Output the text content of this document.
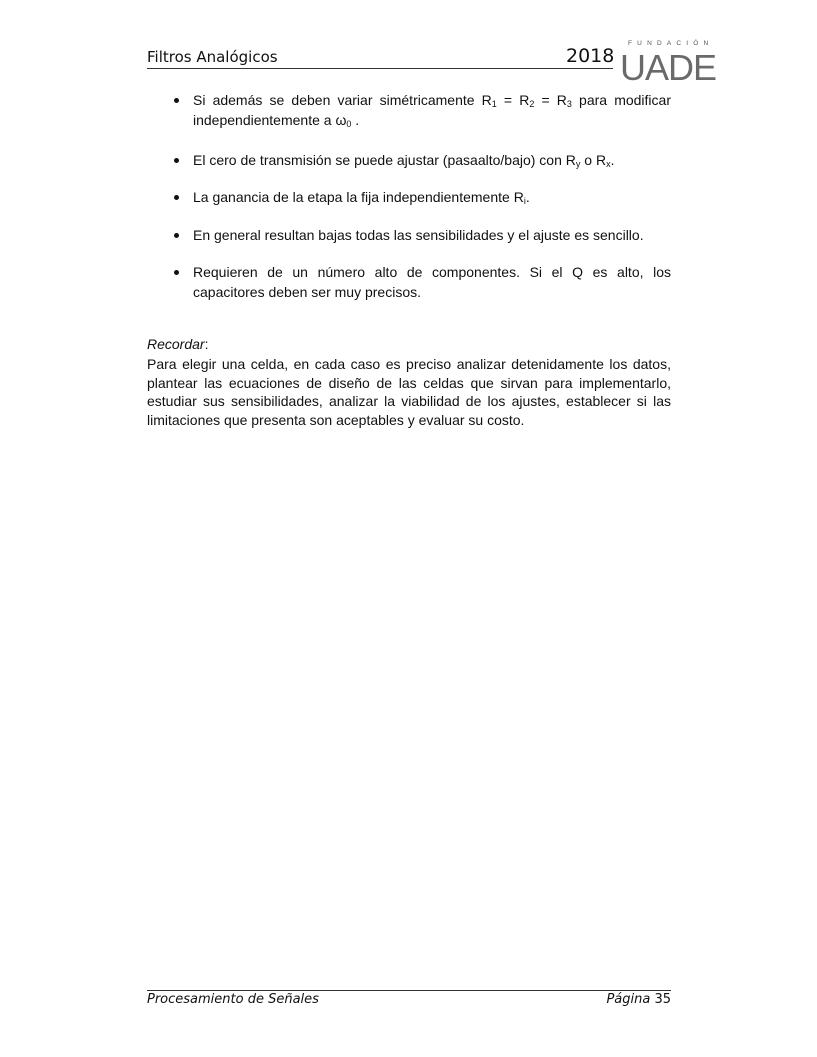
Filtros Analógicos	2018
FUNDACIÓN
UADE
Si además se deben variar simétricamente $R_1 = R_2 = R_3$ para modificar independientemente a $\omega_0$ .
El cero de transmisión se puede ajustar (pasaalto/bajo) con $R_y$ o $R_x$.
La ganancia de la etapa la fija independientemente $R_i$.
En general resultan bajas todas las sensibilidades y el ajuste es sencillo.
Requieren de un número alto de componentes. Si el Q es alto, los capacitores deben ser muy precisos.
Recordar:
Para elegir una celda, en cada caso es preciso analizar detenidamente los datos, plantear las ecuaciones de diseño de las celdas que sirvan para implementarlo, estudiar sus sensibilidades, analizar la viabilidad de los ajustes, establecer si las limitaciones que presenta son aceptables y evaluar su costo.
Procesamiento de Señales	Página 35
